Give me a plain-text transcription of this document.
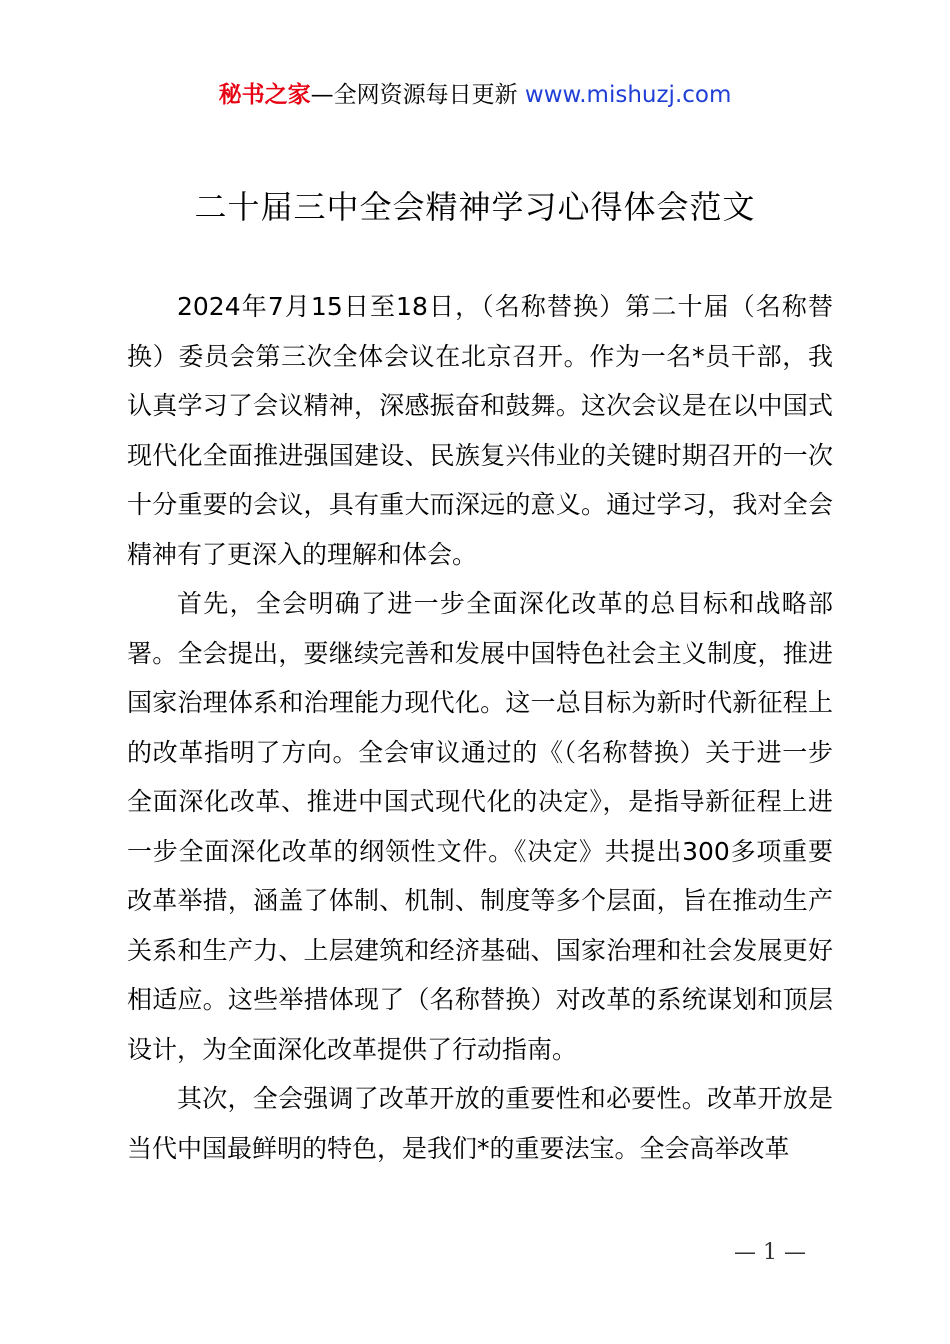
秘书之家—全网资源每日更新 www.mishuzj.com
二十届三中全会精神学习心得体会范文

2024年7月15日至18日，（名称替换）第二十届（名称替换）委员会第三次全体会议在北京召开。作为一名*员干部，我认真学习了会议精神，深感振奋和鼓舞。这次会议是在以中国式现代化全面推进强国建设、民族复兴伟业的关键时期召开的一次十分重要的会议，具有重大而深远的意义。通过学习，我对全会精神有了更深入的理解和体会。

首先，全会明确了进一步全面深化改革的总目标和战略部署。全会提出，要继续完善和发展中国特色社会主义制度，推进国家治理体系和治理能力现代化。这一总目标为新时代新征程上的改革指明了方向。全会审议通过的《（名称替换）关于进一步全面深化改革、推进中国式现代化的决定》，是指导新征程上进一步全面深化改革的纲领性文件。《决定》共提出300多项重要改革举措，涵盖了体制、机制、制度等多个层面，旨在推动生产关系和生产力、上层建筑和经济基础、国家治理和社会发展更好相适应。这些举措体现了（名称替换）对改革的系统谋划和顶层设计，为全面深化改革提供了行动指南。

其次，全会强调了改革开放的重要性和必要性。改革开放是当代中国最鲜明的特色，是我们*的重要法宝。全会高举改革

— 1 —
